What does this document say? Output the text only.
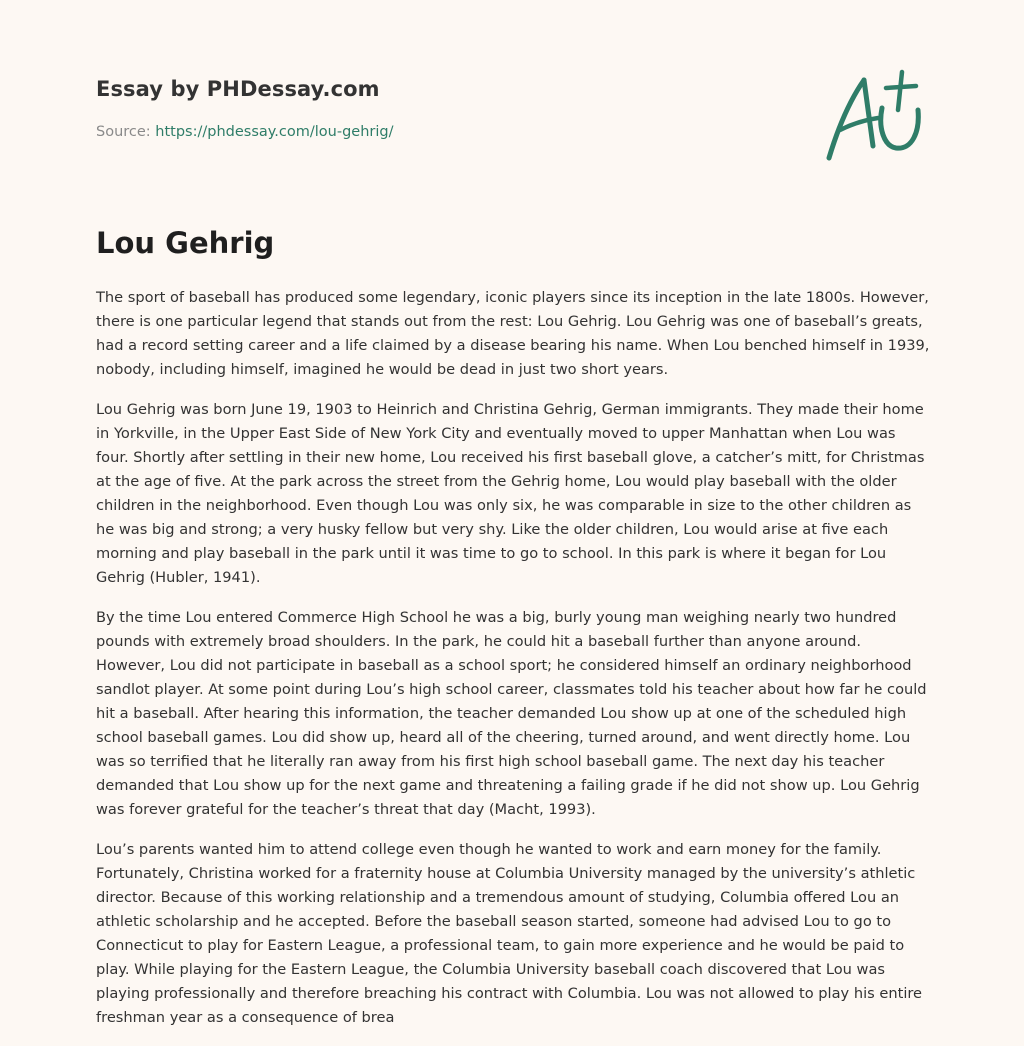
Essay by PHDessay.com
Source: https://phdessay.com/lou-gehrig/
Lou Gehrig

The sport of baseball has produced some legendary, iconic players since its inception in the late 1800s. However, there is one particular legend that stands out from the rest: Lou Gehrig. Lou Gehrig was one of baseball’s greats, had a record setting career and a life claimed by a disease bearing his name. When Lou benched himself in 1939, nobody, including himself, imagined he would be dead in just two short years.

Lou Gehrig was born June 19, 1903 to Heinrich and Christina Gehrig, German immigrants. They made their home in Yorkville, in the Upper East Side of New York City and eventually moved to upper Manhattan when Lou was four. Shortly after settling in their new home, Lou received his first baseball glove, a catcher’s mitt, for Christmas at the age of five. At the park across the street from the Gehrig home, Lou would play baseball with the older children in the neighborhood. Even though Lou was only six, he was comparable in size to the other children as he was big and strong; a very husky fellow but very shy. Like the older children, Lou would arise at five each morning and play baseball in the park until it was time to go to school. In this park is where it began for Lou Gehrig (Hubler, 1941).

By the time Lou entered Commerce High School he was a big, burly young man weighing nearly two hundred pounds with extremely broad shoulders. In the park, he could hit a baseball further than anyone around. However, Lou did not participate in baseball as a school sport; he considered himself an ordinary neighborhood sandlot player. At some point during Lou’s high school career, classmates told his teacher about how far he could hit a baseball. After hearing this information, the teacher demanded Lou show up at one of the scheduled high school baseball games. Lou did show up, heard all of the cheering, turned around, and went directly home. Lou was so terrified that he literally ran away from his first high school baseball game. The next day his teacher demanded that Lou show up for the next game and threatening a failing grade if he did not show up. Lou Gehrig was forever grateful for the teacher’s threat that day (Macht, 1993).

Lou’s parents wanted him to attend college even though he wanted to work and earn money for the family. Fortunately, Christina worked for a fraternity house at Columbia University managed by the university’s athletic director. Because of this working relationship and a tremendous amount of studying, Columbia offered Lou an athletic scholarship and he accepted. Before the baseball season started, someone had advised Lou to go to Connecticut to play for Eastern League, a professional team, to gain more experience and he would be paid to play. While playing for the Eastern League, the Columbia University baseball coach discovered that Lou was playing professionally and therefore breaching his contract with Columbia. Lou was not allowed to play his entire freshman year as a consequence of brea
